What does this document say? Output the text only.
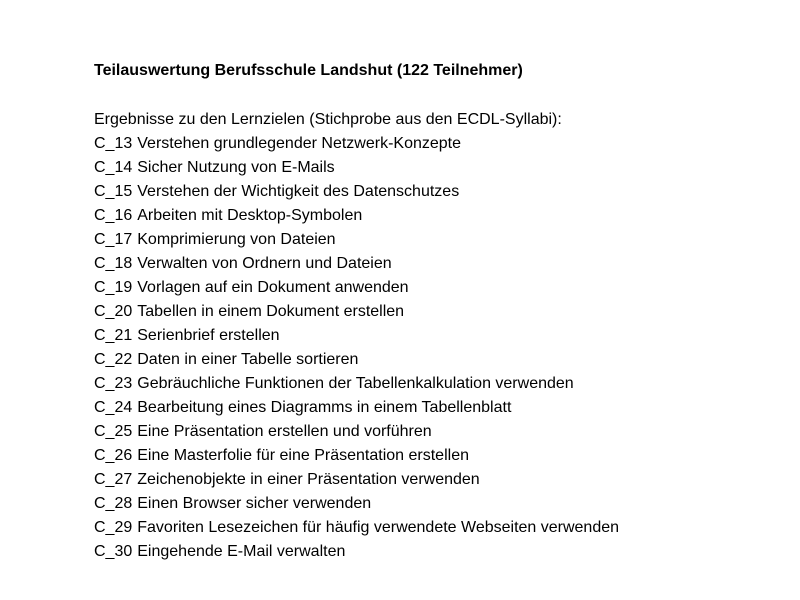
Teilauswertung Berufsschule Landshut (122 Teilnehmer)
Ergebnisse zu den Lernzielen (Stichprobe aus den ECDL-Syllabi):
C_13 Verstehen grundlegender Netzwerk-Konzepte
C_14 Sicher Nutzung von E-Mails
C_15 Verstehen der Wichtigkeit des Datenschutzes
C_16 Arbeiten mit Desktop-Symbolen
C_17 Komprimierung von Dateien
C_18 Verwalten von Ordnern und Dateien
C_19 Vorlagen auf ein Dokument anwenden
C_20 Tabellen in einem Dokument erstellen
C_21 Serienbrief erstellen
C_22 Daten in einer Tabelle sortieren
C_23 Gebräuchliche Funktionen der Tabellenkalkulation verwenden
C_24 Bearbeitung eines Diagramms in einem Tabellenblatt
C_25 Eine Präsentation erstellen und vorführen
C_26 Eine Masterfolie für eine Präsentation erstellen
C_27 Zeichenobjekte in einer Präsentation verwenden
C_28 Einen Browser sicher verwenden
C_29 Favoriten Lesezeichen für häufig verwendete Webseiten verwenden
C_30 Eingehende E-Mail verwalten
